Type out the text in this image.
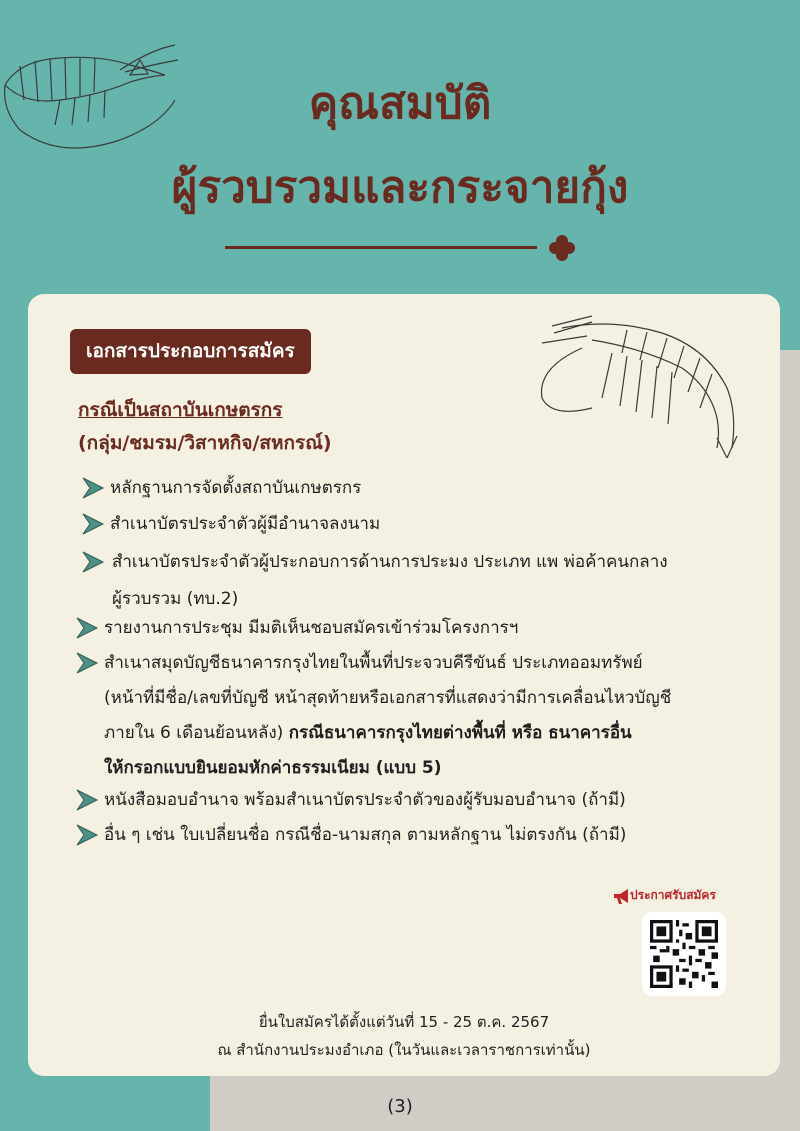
คุณสมบัติ
ผู้รวบรวมและกระจายกุ้ง
เอกสารประกอบการสมัคร
กรณีเป็นสถาบันเกษตรกร
(กลุ่ม/ชมรม/วิสาหกิจ/สหกรณ์)
หลักฐานการจัดตั้งสถาบันเกษตรกร
สำเนาบัตรประจำตัวผู้มีอำนาจลงนาม
สำเนาบัตรประจำตัวผู้ประกอบการด้านการประมง ประเภท แพ พ่อค้าคนกลาง
ผู้รวบรวม (ทบ.2)
รายงานการประชุม มีมติเห็นชอบสมัครเข้าร่วมโครงการฯ
สำเนาสมุดบัญชีธนาคารกรุงไทยในพื้นที่ประจวบคีรีขันธ์ ประเภทออมทรัพย์
(หน้าที่มีชื่อ/เลขที่บัญชี หน้าสุดท้ายหรือเอกสารที่แสดงว่ามีการเคลื่อนไหวบัญชี
ภายใน 6 เดือนย้อนหลัง) กรณีธนาคารกรุงไทยต่างพื้นที่ หรือ ธนาคารอื่น
ให้กรอกแบบยินยอมหักค่าธรรมเนียม (แบบ 5)
หนังสือมอบอำนาจ พร้อมสำเนาบัตรประจำตัวของผู้รับมอบอำนาจ (ถ้ามี)
อื่น ๆ เช่น ใบเปลี่ยนชื่อ กรณีชื่อ-นามสกุล ตามหลักฐาน ไม่ตรงกัน (ถ้ามี)
ประกาศรับสมัคร
ยื่นใบสมัครได้ตั้งแต่วันที่ 15 - 25 ต.ค. 2567
ณ สำนักงานประมงอำเภอ (ในวันและเวลาราชการเท่านั้น)
(3)
